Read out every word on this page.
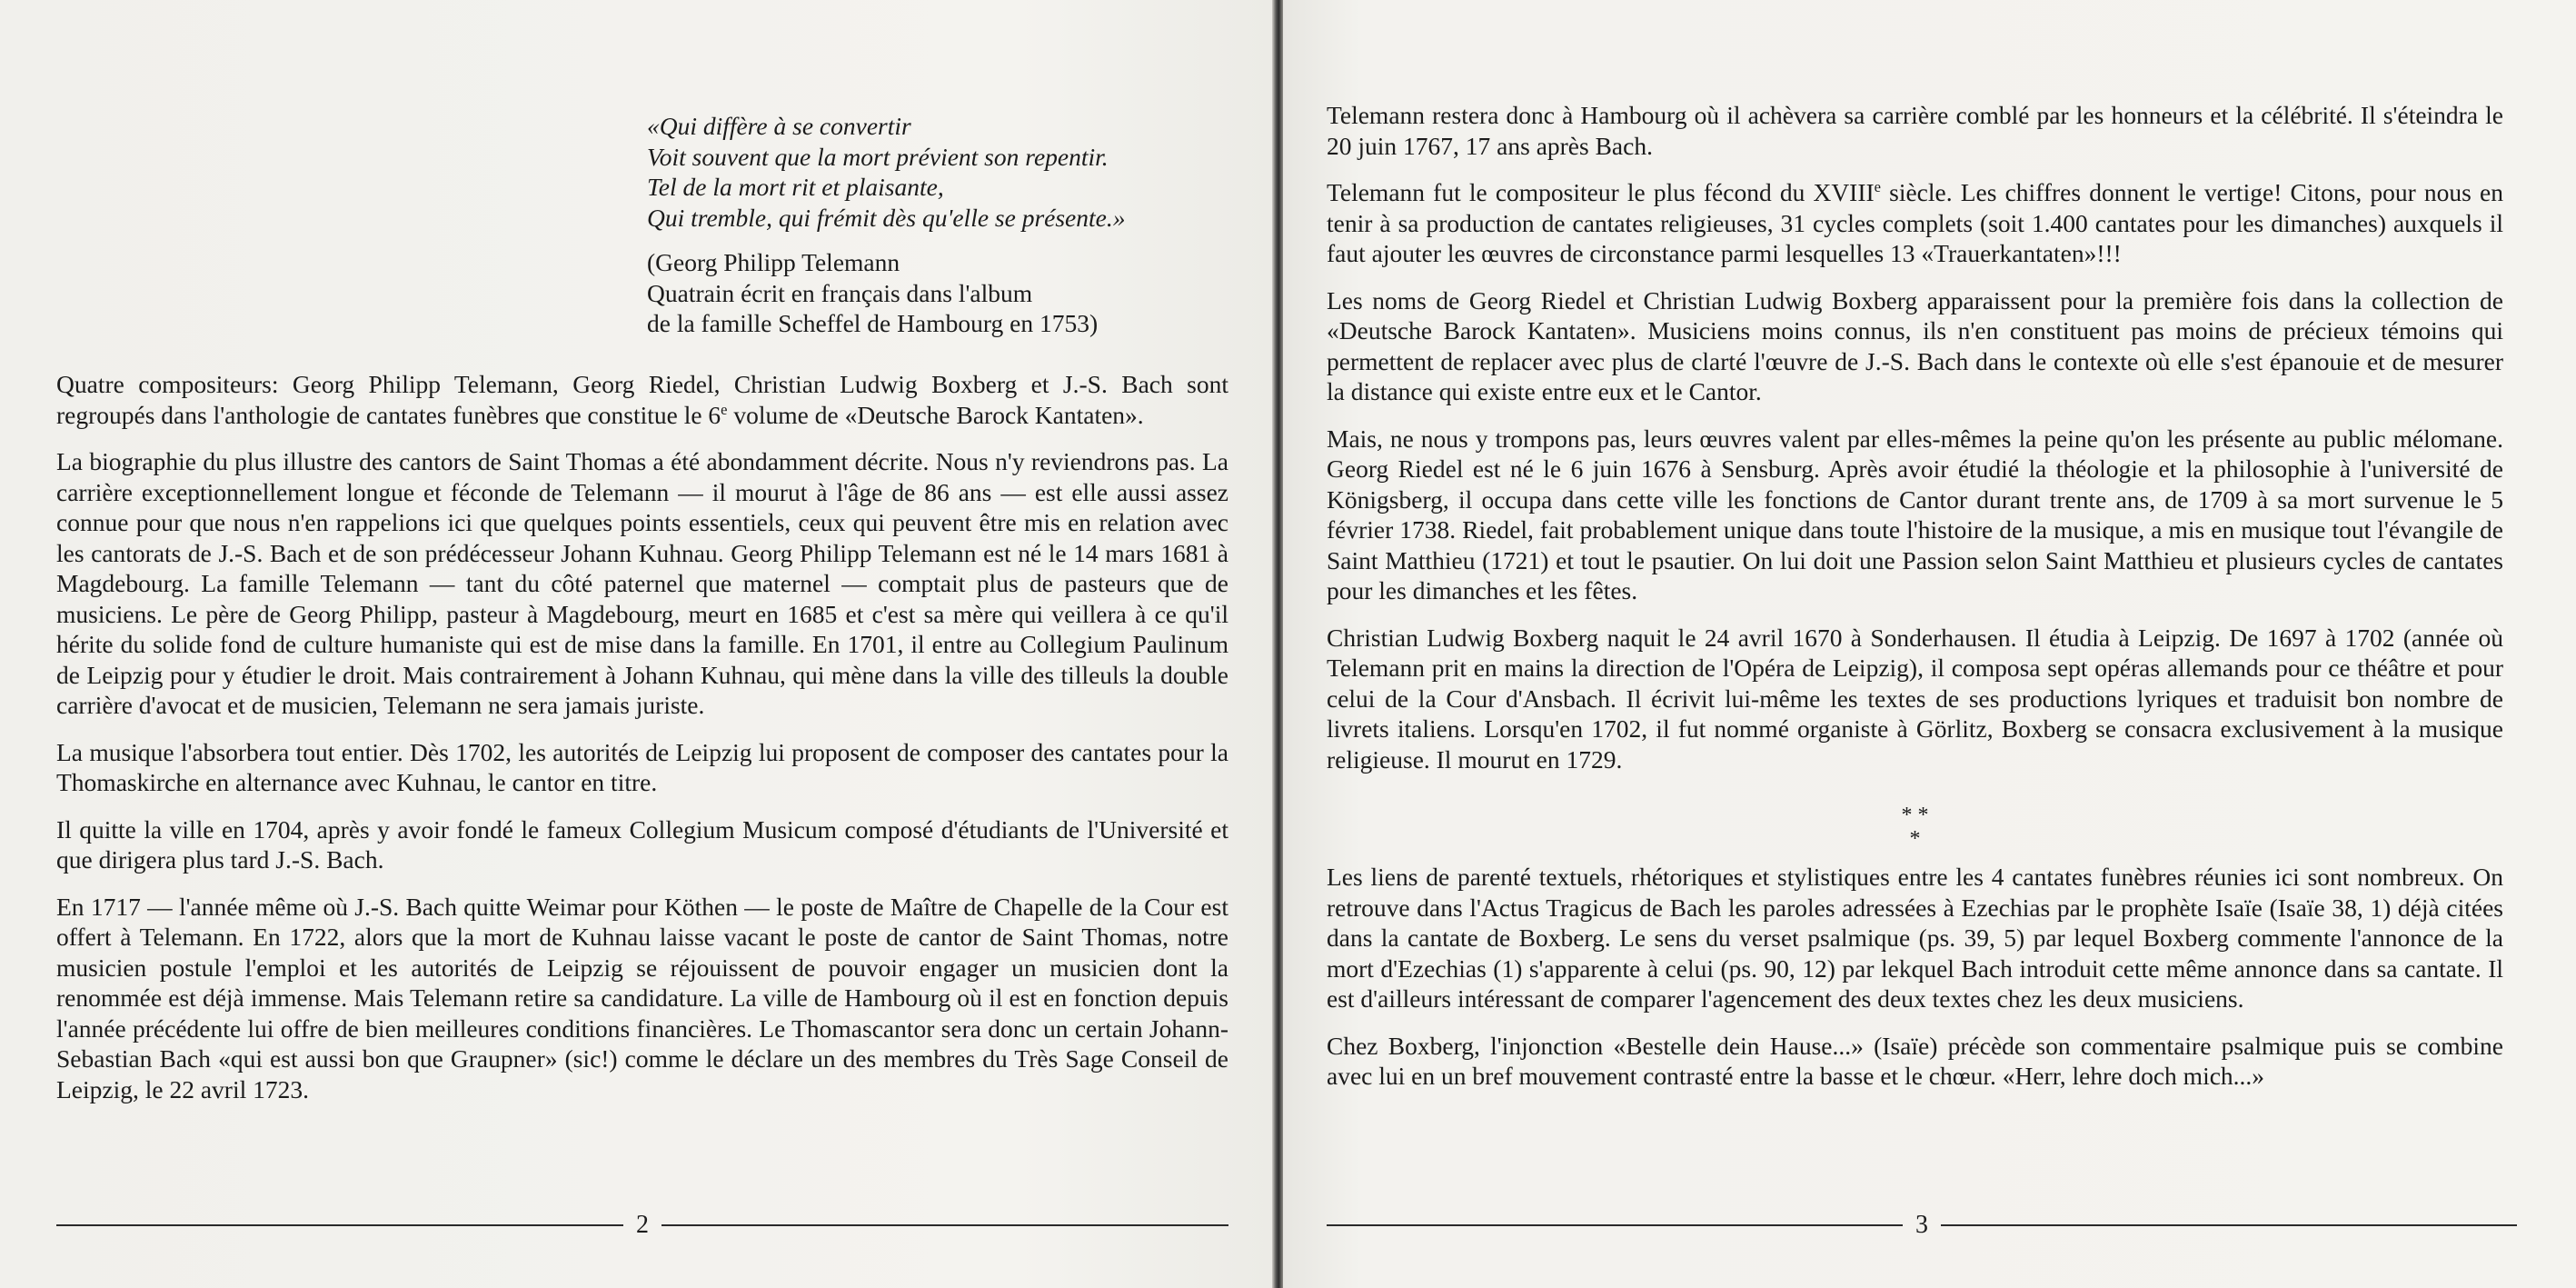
«Qui diffère à se convertir
Voit souvent que la mort prévient son repentir.
Tel de la mort rit et plaisante,
Qui tremble, qui frémit dès qu'elle se présente.»
(Georg Philipp Telemann
Quatrain écrit en français dans l'album
de la famille Scheffel de Hambourg en 1753)

Quatre compositeurs: Georg Philipp Telemann, Georg Riedel, Christian Ludwig Boxberg et J.-S. Bach sont regroupés dans l'anthologie de cantates funèbres que constitue le 6e volume de «Deutsche Barock Kantaten».

La biographie du plus illustre des cantors de Saint Thomas a été abondamment décrite. Nous n'y reviendrons pas. La carrière exceptionnellement longue et féconde de Telemann — il mourut à l'âge de 86 ans — est elle aussi assez connue pour que nous n'en rappelions ici que quelques points essentiels, ceux qui peuvent être mis en relation avec les cantorats de J.-S. Bach et de son prédécesseur Johann Kuhnau. Georg Philipp Telemann est né le 14 mars 1681 à Magdebourg. La famille Telemann — tant du côté paternel que maternel — comptait plus de pasteurs que de musiciens. Le père de Georg Philipp, pasteur à Magdebourg, meurt en 1685 et c'est sa mère qui veillera à ce qu'il hérite du solide fond de culture humaniste qui est de mise dans la famille. En 1701, il entre au Collegium Paulinum de Leipzig pour y étudier le droit. Mais contrairement à Johann Kuhnau, qui mène dans la ville des tilleuls la double carrière d'avocat et de musicien, Telemann ne sera jamais juriste.

La musique l'absorbera tout entier. Dès 1702, les autorités de Leipzig lui proposent de composer des cantates pour la Thomaskirche en alternance avec Kuhnau, le cantor en titre.

Il quitte la ville en 1704, après y avoir fondé le fameux Collegium Musicum composé d'étudiants de l'Université et que dirigera plus tard J.-S. Bach.

En 1717 — l'année même où J.-S. Bach quitte Weimar pour Köthen — le poste de Maître de Chapelle de la Cour est offert à Telemann. En 1722, alors que la mort de Kuhnau laisse vacant le poste de cantor de Saint Thomas, notre musicien postule l'emploi et les autorités de Leipzig se réjouissent de pouvoir engager un musicien dont la renommée est déjà immense. Mais Telemann retire sa candidature. La ville de Hambourg où il est en fonction depuis l'année précédente lui offre de bien meilleures conditions financières. Le Thomascantor sera donc un certain Johann-Sebastian Bach «qui est aussi bon que Graupner» (sic!) comme le déclare un des membres du Très Sage Conseil de Leipzig, le 22 avril 1723.

2

Telemann restera donc à Hambourg où il achèvera sa carrière comblé par les honneurs et la célébrité. Il s'éteindra le 20 juin 1767, 17 ans après Bach.

Telemann fut le compositeur le plus fécond du XVIIIe siècle. Les chiffres donnent le vertige! Citons, pour nous en tenir à sa production de cantates religieuses, 31 cycles complets (soit 1.400 cantates pour les dimanches) auxquels il faut ajouter les œuvres de circonstance parmi lesquelles 13 «Trauerkantaten»!!!

Les noms de Georg Riedel et Christian Ludwig Boxberg apparaissent pour la première fois dans la collection de «Deutsche Barock Kantaten». Musiciens moins connus, ils n'en constituent pas moins de précieux témoins qui permettent de replacer avec plus de clarté l'œuvre de J.-S. Bach dans le contexte où elle s'est épanouie et de mesurer la distance qui existe entre eux et le Cantor.

Mais, ne nous y trompons pas, leurs œuvres valent par elles-mêmes la peine qu'on les présente au public mélomane. Georg Riedel est né le 6 juin 1676 à Sensburg. Après avoir étudié la théologie et la philosophie à l'université de Königsberg, il occupa dans cette ville les fonctions de Cantor durant trente ans, de 1709 à sa mort survenue le 5 février 1738. Riedel, fait probablement unique dans toute l'histoire de la musique, a mis en musique tout l'évangile de Saint Matthieu (1721) et tout le psautier. On lui doit une Passion selon Saint Matthieu et plusieurs cycles de cantates pour les dimanches et les fêtes.

Christian Ludwig Boxberg naquit le 24 avril 1670 à Sonderhausen. Il étudia à Leipzig. De 1697 à 1702 (année où Telemann prit en mains la direction de l'Opéra de Leipzig), il composa sept opéras allemands pour ce théâtre et pour celui de la Cour d'Ansbach. Il écrivit lui-même les textes de ses productions lyriques et traduisit bon nombre de livrets italiens. Lorsqu'en 1702, il fut nommé organiste à Görlitz, Boxberg se consacra exclusivement à la musique religieuse. Il mourut en 1729.

* *
*

Les liens de parenté textuels, rhétoriques et stylistiques entre les 4 cantates funèbres réunies ici sont nombreux. On retrouve dans l'Actus Tragicus de Bach les paroles adressées à Ezechias par le prophète Isaïe (Isaïe 38, 1) déjà citées dans la cantate de Boxberg. Le sens du verset psalmique (ps. 39, 5) par lequel Boxberg commente l'annonce de la mort d'Ezechias (1) s'apparente à celui (ps. 90, 12) par lekquel Bach introduit cette même annonce dans sa cantate. Il est d'ailleurs intéressant de comparer l'agencement des deux textes chez les deux musiciens.

Chez Boxberg, l'injonction «Bestelle dein Hause...» (Isaïe) précède son commentaire psalmique puis se combine avec lui en un bref mouvement contrasté entre la basse et le chœur. «Herr, lehre doch mich...»

3
